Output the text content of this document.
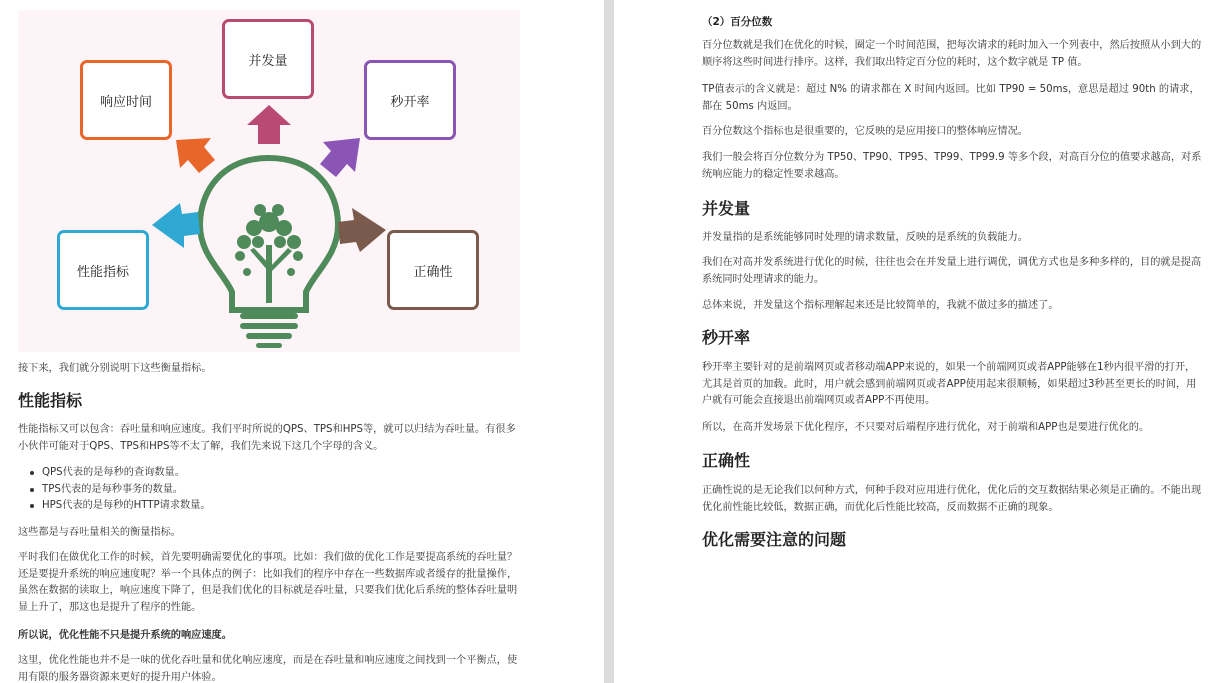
响应时间
并发量
秒开率
性能指标	正确性

接下来，我们就分别说明下这些衡量指标。

性能指标

性能指标又可以包含：吞吐量和响应速度。我们平时所说的QPS、TPS和HPS等，就可以归结为吞吐量。有很多小伙伴可能对于QPS、TPS和HPS等不太了解，我们先来说下这几个字母的含义。

QPS代表的是每秒的查询数量。
TPS代表的是每秒事务的数量。
HPS代表的是每秒的HTTP请求数量。

这些都是与吞吐量相关的衡量指标。

平时我们在做优化工作的时候，首先要明确需要优化的事项。比如：我们做的优化工作是要提高系统的吞吐量？还是要提升系统的响应速度呢？举一个具体点的例子：比如我们的程序中存在一些数据库或者缓存的批量操作，虽然在数据的读取上，响应速度下降了，但是我们优化的目标就是吞吐量，只要我们优化后系统的整体吞吐量明显上升了，那这也是提升了程序的性能。

所以说，优化性能不只是提升系统的响应速度。

这里，优化性能也并不是一味的优化吞吐量和优化响应速度，而是在吞吐量和响应速度之间找到一个平衡点，使用有限的服务器资源来更好的提升用户体验。

（2）百分位数

百分位数就是我们在优化的时候，圈定一个时间范围，把每次请求的耗时加入一个列表中，然后按照从小到大的顺序将这些时间进行排序。这样，我们取出特定百分位的耗时，这个数字就是 TP 值。

TP值表示的含义就是：超过 N% 的请求都在 X 时间内返回。比如 TP90 = 50ms，意思是超过 90th 的请求，都在 50ms 内返回。

百分位数这个指标也是很重要的，它反映的是应用接口的整体响应情况。

我们一般会将百分位数分为 TP50、TP90、TP95、TP99、TP99.9 等多个段，对高百分位的值要求越高，对系统响应能力的稳定性要求越高。

并发量

并发量指的是系统能够同时处理的请求数量，反映的是系统的负载能力。

我们在对高并发系统进行优化的时候，往往也会在并发量上进行调优，调优方式也是多种多样的，目的就是提高系统同时处理请求的能力。

总体来说，并发量这个指标理解起来还是比较简单的，我就不做过多的描述了。

秒开率

秒开率主要针对的是前端网页或者移动端APP来说的，如果一个前端网页或者APP能够在1秒内很平滑的打开，尤其是首页的加载。此时，用户就会感到前端网页或者APP使用起来很顺畅，如果超过3秒甚至更长的时间，用户就有可能会直接退出前端网页或者APP不再使用。

所以，在高并发场景下优化程序，不只要对后端程序进行优化，对于前端和APP也是要进行优化的。

正确性

正确性说的是无论我们以何种方式，何种手段对应用进行优化，优化后的交互数据结果必须是正确的。不能出现优化前性能比较低，数据正确，而优化后性能比较高，反而数据不正确的现象。

优化需要注意的问题
